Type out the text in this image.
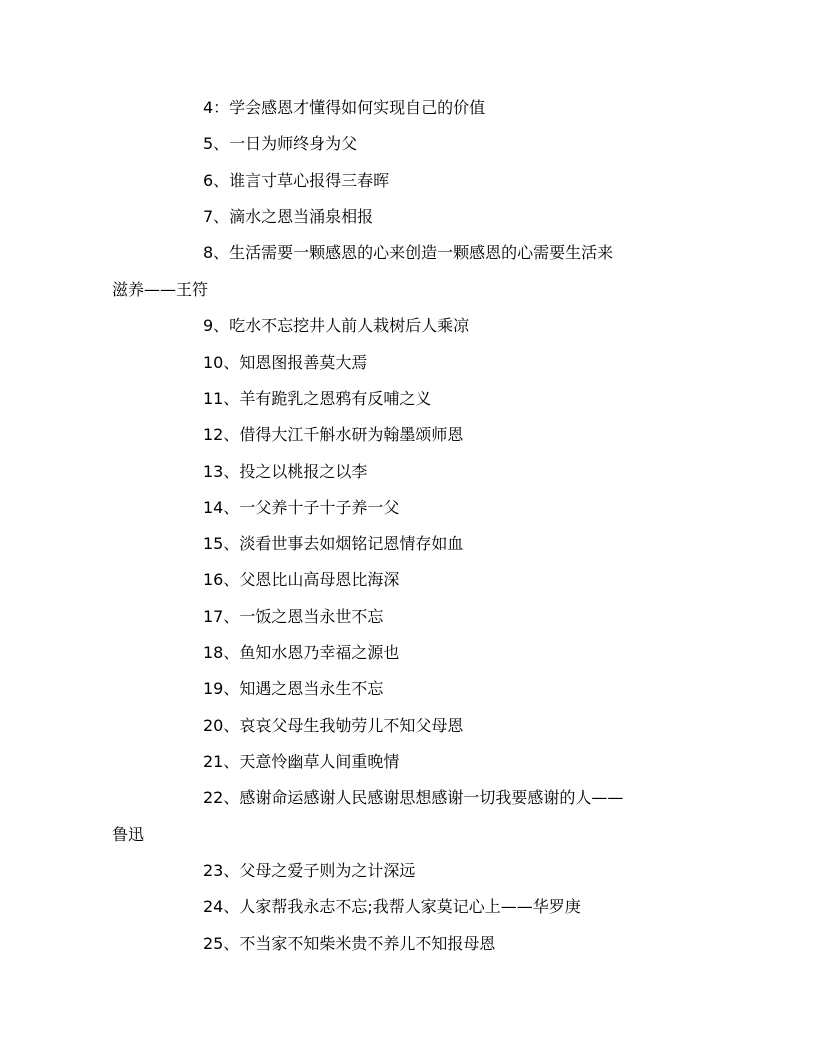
4：学会感恩才懂得如何实现自己的价值
5、一日为师终身为父
6、谁言寸草心报得三春晖
7、滴水之恩当涌泉相报
8、生活需要一颗感恩的心来创造一颗感恩的心需要生活来
滋养——王符
9、吃水不忘挖井人前人栽树后人乘凉
10、知恩图报善莫大焉
11、羊有跪乳之恩鸦有反哺之义
12、借得大江千斛水研为翰墨颂师恩
13、投之以桃报之以李
14、一父养十子十子养一父
15、淡看世事去如烟铭记恩情存如血
16、父恩比山高母恩比海深
17、一饭之恩当永世不忘
18、鱼知水恩乃幸福之源也
19、知遇之恩当永生不忘
20、哀哀父母生我劬劳儿不知父母恩
21、天意怜幽草人间重晚情
22、感谢命运感谢人民感谢思想感谢一切我要感谢的人——
鲁迅
23、父母之爱子则为之计深远
24、人家帮我永志不忘;我帮人家莫记心上——华罗庚
25、不当家不知柴米贵不养儿不知报母恩
